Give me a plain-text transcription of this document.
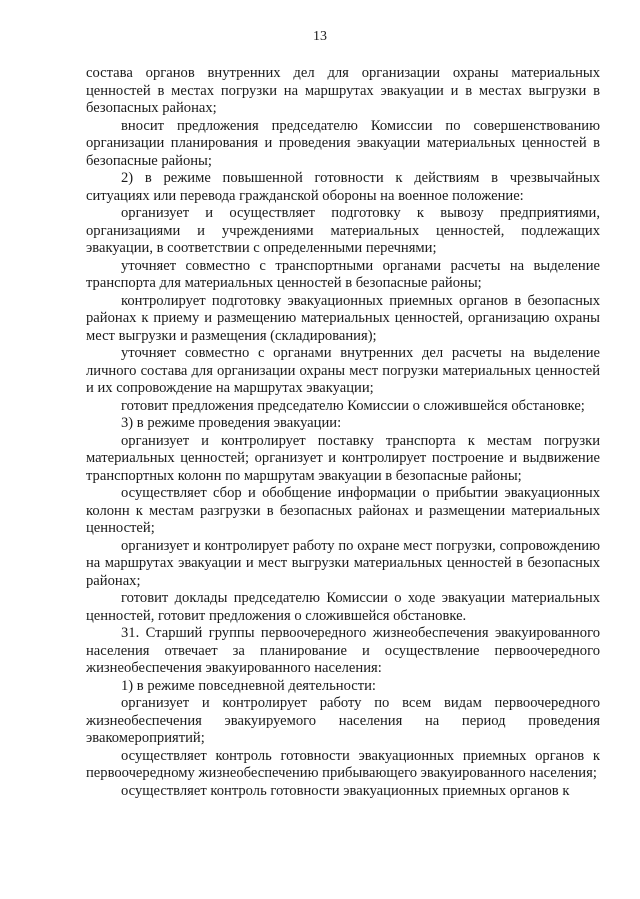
13

состава органов внутренних дел для организации охраны материальных ценностей в местах погрузки на маршрутах эвакуации и в местах выгрузки в безопасных районах;

вносит предложения председателю Комиссии по совершенствованию организации планирования и проведения эвакуации материальных ценностей в безопасные районы;

2) в режиме повышенной готовности к действиям в чрезвычайных ситуациях или перевода гражданской обороны на военное положение:

организует и осуществляет подготовку к вывозу предприятиями, организациями и учреждениями материальных ценностей, подлежащих эвакуации, в соответствии с определенными перечнями;

уточняет совместно с транспортными органами расчеты на выделение транспорта для материальных ценностей в безопасные районы;

контролирует подготовку эвакуационных приемных органов в безопасных районах к приему и размещению материальных ценностей, организацию охраны мест выгрузки и размещения (складирования);

уточняет совместно с органами внутренних дел расчеты на выделение личного состава для организации охраны мест погрузки материальных ценностей и их сопровождение на маршрутах эвакуации;

готовит предложения председателю Комиссии о сложившейся обстановке;

3) в режиме проведения эвакуации:

организует и контролирует поставку транспорта к местам погрузки материальных ценностей; организует и контролирует построение и выдвижение транспортных колонн по маршрутам эвакуации в безопасные районы;

осуществляет сбор и обобщение информации о прибытии эвакуационных колонн к местам разгрузки в безопасных районах и размещении материальных ценностей;

организует и контролирует работу по охране мест погрузки, сопровождению на маршрутах эвакуации и мест выгрузки материальных ценностей в безопасных районах;

готовит доклады председателю Комиссии о ходе эвакуации материальных ценностей, готовит предложения о сложившейся обстановке.

31. Старший группы первоочередного жизнеобеспечения эвакуированного населения отвечает за планирование и осуществление первоочередного жизнеобеспечения эвакуированного населения:

1) в режиме повседневной деятельности:

организует и контролирует работу по всем видам первоочередного жизнеобеспечения эвакуируемого населения на период проведения эвакомероприятий;

осуществляет контроль готовности эвакуационных приемных органов к первоочередному жизнеобеспечению прибывающего эвакуированного населения;

осуществляет контроль готовности эвакуационных приемных органов к
